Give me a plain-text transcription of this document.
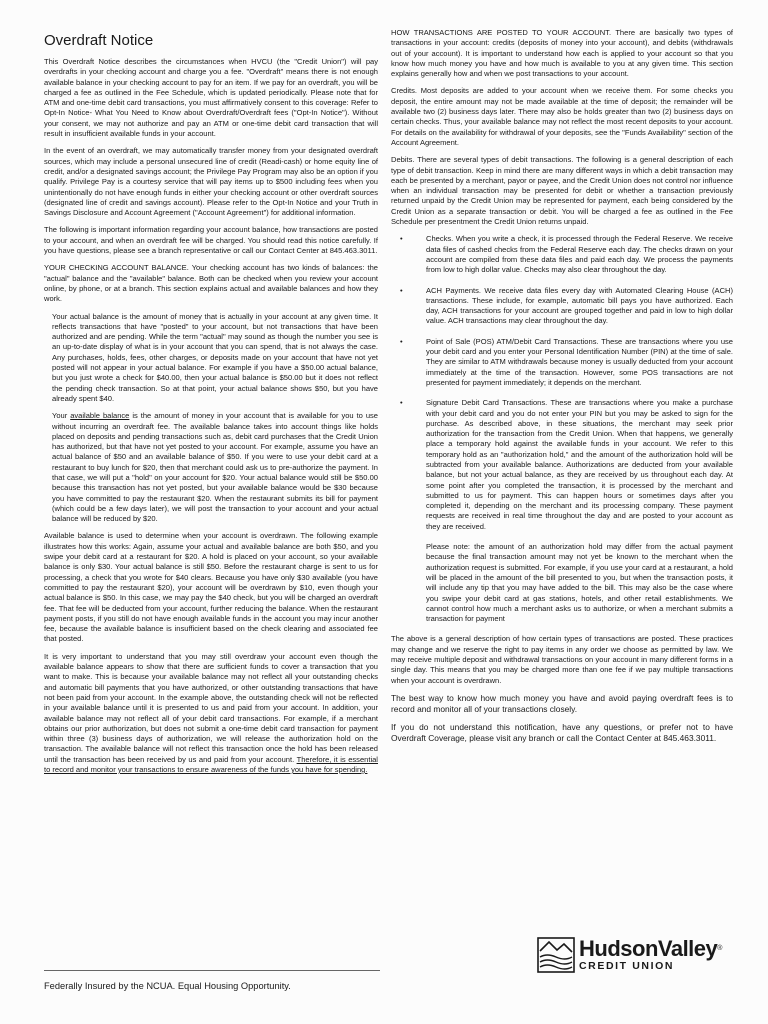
Overdraft Notice

This Overdraft Notice describes the circumstances when HVCU (the "Credit Union") will pay overdrafts in your checking account and charge you a fee. "Overdraft" means there is not enough available balance in your checking account to pay for an item. If we pay for an overdraft, you will be charged a fee as outlined in the Fee Schedule, which is updated periodically. Please note that for ATM and one-time debit card transactions, you must affirmatively consent to this coverage: Refer to Opt-In Notice- What You Need to Know about Overdraft/Overdraft fees ("Opt-In Notice"). Without your consent, we may not authorize and pay an ATM or one-time debit card transaction that will result in insufficient available funds in your account.

In the event of an overdraft, we may automatically transfer money from your designated overdraft sources, which may include a personal unsecured line of credit (Readi-cash) or home equity line of credit, and/or a designated savings account; the Privilege Pay Program may also be an option if you qualify. Privilege Pay is a courtesy service that will pay items up to $500 including fees when you unintentionally do not have enough funds in either your checking account or other overdraft sources (designated line of credit and savings account). Please refer to the Opt-In Notice and your Truth in Savings Disclosure and Account Agreement ("Account Agreement") for additional information.

The following is important information regarding your account balance, how transactions are posted to your account, and when an overdraft fee will be charged. You should read this notice carefully. If you have questions, please see a branch representative or call our Contact Center at 845.463.3011.

YOUR CHECKING ACCOUNT BALANCE. Your checking account has two kinds of balances: the "actual" balance and the "available" balance. Both can be checked when you review your account online, by phone, or at a branch. This section explains actual and available balances and how they work.

Your actual balance is the amount of money that is actually in your account at any given time. It reflects transactions that have "posted" to your account, but not transactions that have been authorized and are pending. While the term "actual" may sound as though the number you see is an up-to-date display of what is in your account that you can spend, that is not always the case. Any purchases, holds, fees, other charges, or deposits made on your account that have not yet posted will not appear in your actual balance. For example if you have a $50.00 actual balance, but you just wrote a check for $40.00, then your actual balance is $50.00 but it does not reflect the pending check transaction. So at that point, your actual balance shows $50, but you have already spent $40.

Your available balance is the amount of money in your account that is available for you to use without incurring an overdraft fee. The available balance takes into account things like holds placed on deposits and pending transactions such as, debit card purchases that the Credit Union has authorized, but that have not yet posted to your account. For example, assume you have an actual balance of $50 and an available balance of $50. If you were to use your debit card at a restaurant to buy lunch for $20, then that merchant could ask us to pre-authorize the payment. In that case, we will put a "hold" on your account for $20. Your actual balance would still be $50.00 because this transaction has not yet posted, but your available balance would be $30 because you have committed to pay the restaurant $20. When the restaurant submits its bill for payment (which could be a few days later), we will post the transaction to your account and your actual balance will be reduced by $20.

Available balance is used to determine when your account is overdrawn. The following example illustrates how this works: Again, assume your actual and available balance are both $50, and you swipe your debit card at a restaurant for $20. A hold is placed on your account, so your available balance is only $30. Your actual balance is still $50. Before the restaurant charge is sent to us for processing, a check that you wrote for $40 clears. Because you have only $30 available (you have committed to pay the restaurant $20), your account will be overdrawn by $10, even though your actual balance is $50. In this case, we may pay the $40 check, but you will be charged an overdraft fee. That fee will be deducted from your account, further reducing the balance. When the restaurant payment posts, if you still do not have enough available funds in the account you may incur another fee, because the available balance is insufficient based on the check clearing and associated fee that posted.

It is very important to understand that you may still overdraw your account even though the available balance appears to show that there are sufficient funds to cover a transaction that you want to make. This is because your available balance may not reflect all your outstanding checks and automatic bill payments that you have authorized, or other outstanding transactions that have not been paid from your account. In the example above, the outstanding check will not be reflected in your available balance until it is presented to us and paid from your account. In addition, your available balance may not reflect all of your debit card transactions. For example, if a merchant obtains our prior authorization, but does not submit a one-time debit card transaction for payment within three (3) business days of authorization, we will release the authorization hold on the transaction. The available balance will not reflect this transaction once the hold has been released until the transaction has been received by us and paid from your account. Therefore, it is essential to record and monitor your transactions to ensure awareness of the funds you have for spending.

HOW TRANSACTIONS ARE POSTED TO YOUR ACCOUNT. There are basically two types of transactions in your account: credits (deposits of money into your account), and debits (withdrawals out of your account). It is important to understand how each is applied to your account so that you know how much money you have and how much is available to you at any given time. This section explains generally how and when we post transactions to your account.

Credits. Most deposits are added to your account when we receive them. For some checks you deposit, the entire amount may not be made available at the time of deposit; the remainder will be available two (2) business days later. There may also be holds greater than two (2) business days on certain checks. Thus, your available balance may not reflect the most recent deposits to your account. For details on the availability for withdrawal of your deposits, see the "Funds Availability" section of the Account Agreement.

Debits. There are several types of debit transactions. The following is a general description of each type of debit transaction. Keep in mind there are many different ways in which a debit transaction may each be presented by a merchant, payor or payee, and the Credit Union does not control nor influence when an individual transaction may be presented for debit or whether a transaction previously returned unpaid by the Credit Union may be represented for payment, each being considered by the Credit Union as a separate transaction or debit. You will be charged a fee as outlined in the Fee Schedule per presentment the Credit Union returns unpaid.

•	Checks. When you write a check, it is processed through the Federal Reserve. We receive data files of cashed checks from the Federal Reserve each day. The checks drawn on your account are compiled from these data files and paid each day. We process the payments from low to high dollar value. Checks may also clear throughout the day.
•	ACH Payments. We receive data files every day with Automated Clearing House (ACH) transactions. These include, for example, automatic bill pays you have authorized. Each day, ACH transactions for your account are grouped together and paid in low to high dollar value. ACH transactions may clear throughout the day.
•	Point of Sale (POS) ATM/Debit Card Transactions. These are transactions where you use your debit card and you enter your Personal Identification Number (PIN) at the time of sale. They are similar to ATM withdrawals because money is usually deducted from your account immediately at the time of the transaction. However, some POS transactions are not presented for payment immediately; it depends on the merchant.
•	Signature Debit Card Transactions. These are transactions where you make a purchase with your debit card and you do not enter your PIN but you may be asked to sign for the purchase. As described above, in these situations, the merchant may seek prior authorization for the transaction from the Credit Union. When that happens, we generally place a temporary hold against the available funds in your account. We refer to this temporary hold as an "authorization hold," and the amount of the authorization hold will be subtracted from your available balance. Authorizations are deducted from your available balance, but not your actual balance, as they are received by us throughout each day. At some point after you completed the transaction, it is processed by the merchant and submitted to us for payment. This can happen hours or sometimes days after you completed it, depending on the merchant and its processing company. These payment requests are received in real time throughout the day and are posted to your account as they are received.
Please note: the amount of an authorization hold may differ from the actual payment because the final transaction amount may not yet be known to the merchant when the authorization request is submitted. For example, if you use your card at a restaurant, a hold will be placed in the amount of the bill presented to you, but when the transaction posts, it will include any tip that you may have added to the bill. This may also be the case where you swipe your debit card at gas stations, hotels, and other retail establishments. We cannot control how much a merchant asks us to authorize, or when a merchant submits a transaction for payment

The above is a general description of how certain types of transactions are posted. These practices may change and we reserve the right to pay items in any order we choose as permitted by law. We may receive multiple deposit and withdrawal transactions on your account in many different forms in a single day. This means that you may be charged more than one fee if we pay multiple transactions when your account is overdrawn.

The best way to know how much money you have and avoid paying overdraft fees is to record and monitor all of your transactions closely.

If you do not understand this notification, have any questions, or prefer not to have Overdraft Coverage, please visit any branch or call the Contact Center at 845.463.3011.

HudsonValley®
CREDIT UNION
Federally Insured by the NCUA. Equal Housing Opportunity.
